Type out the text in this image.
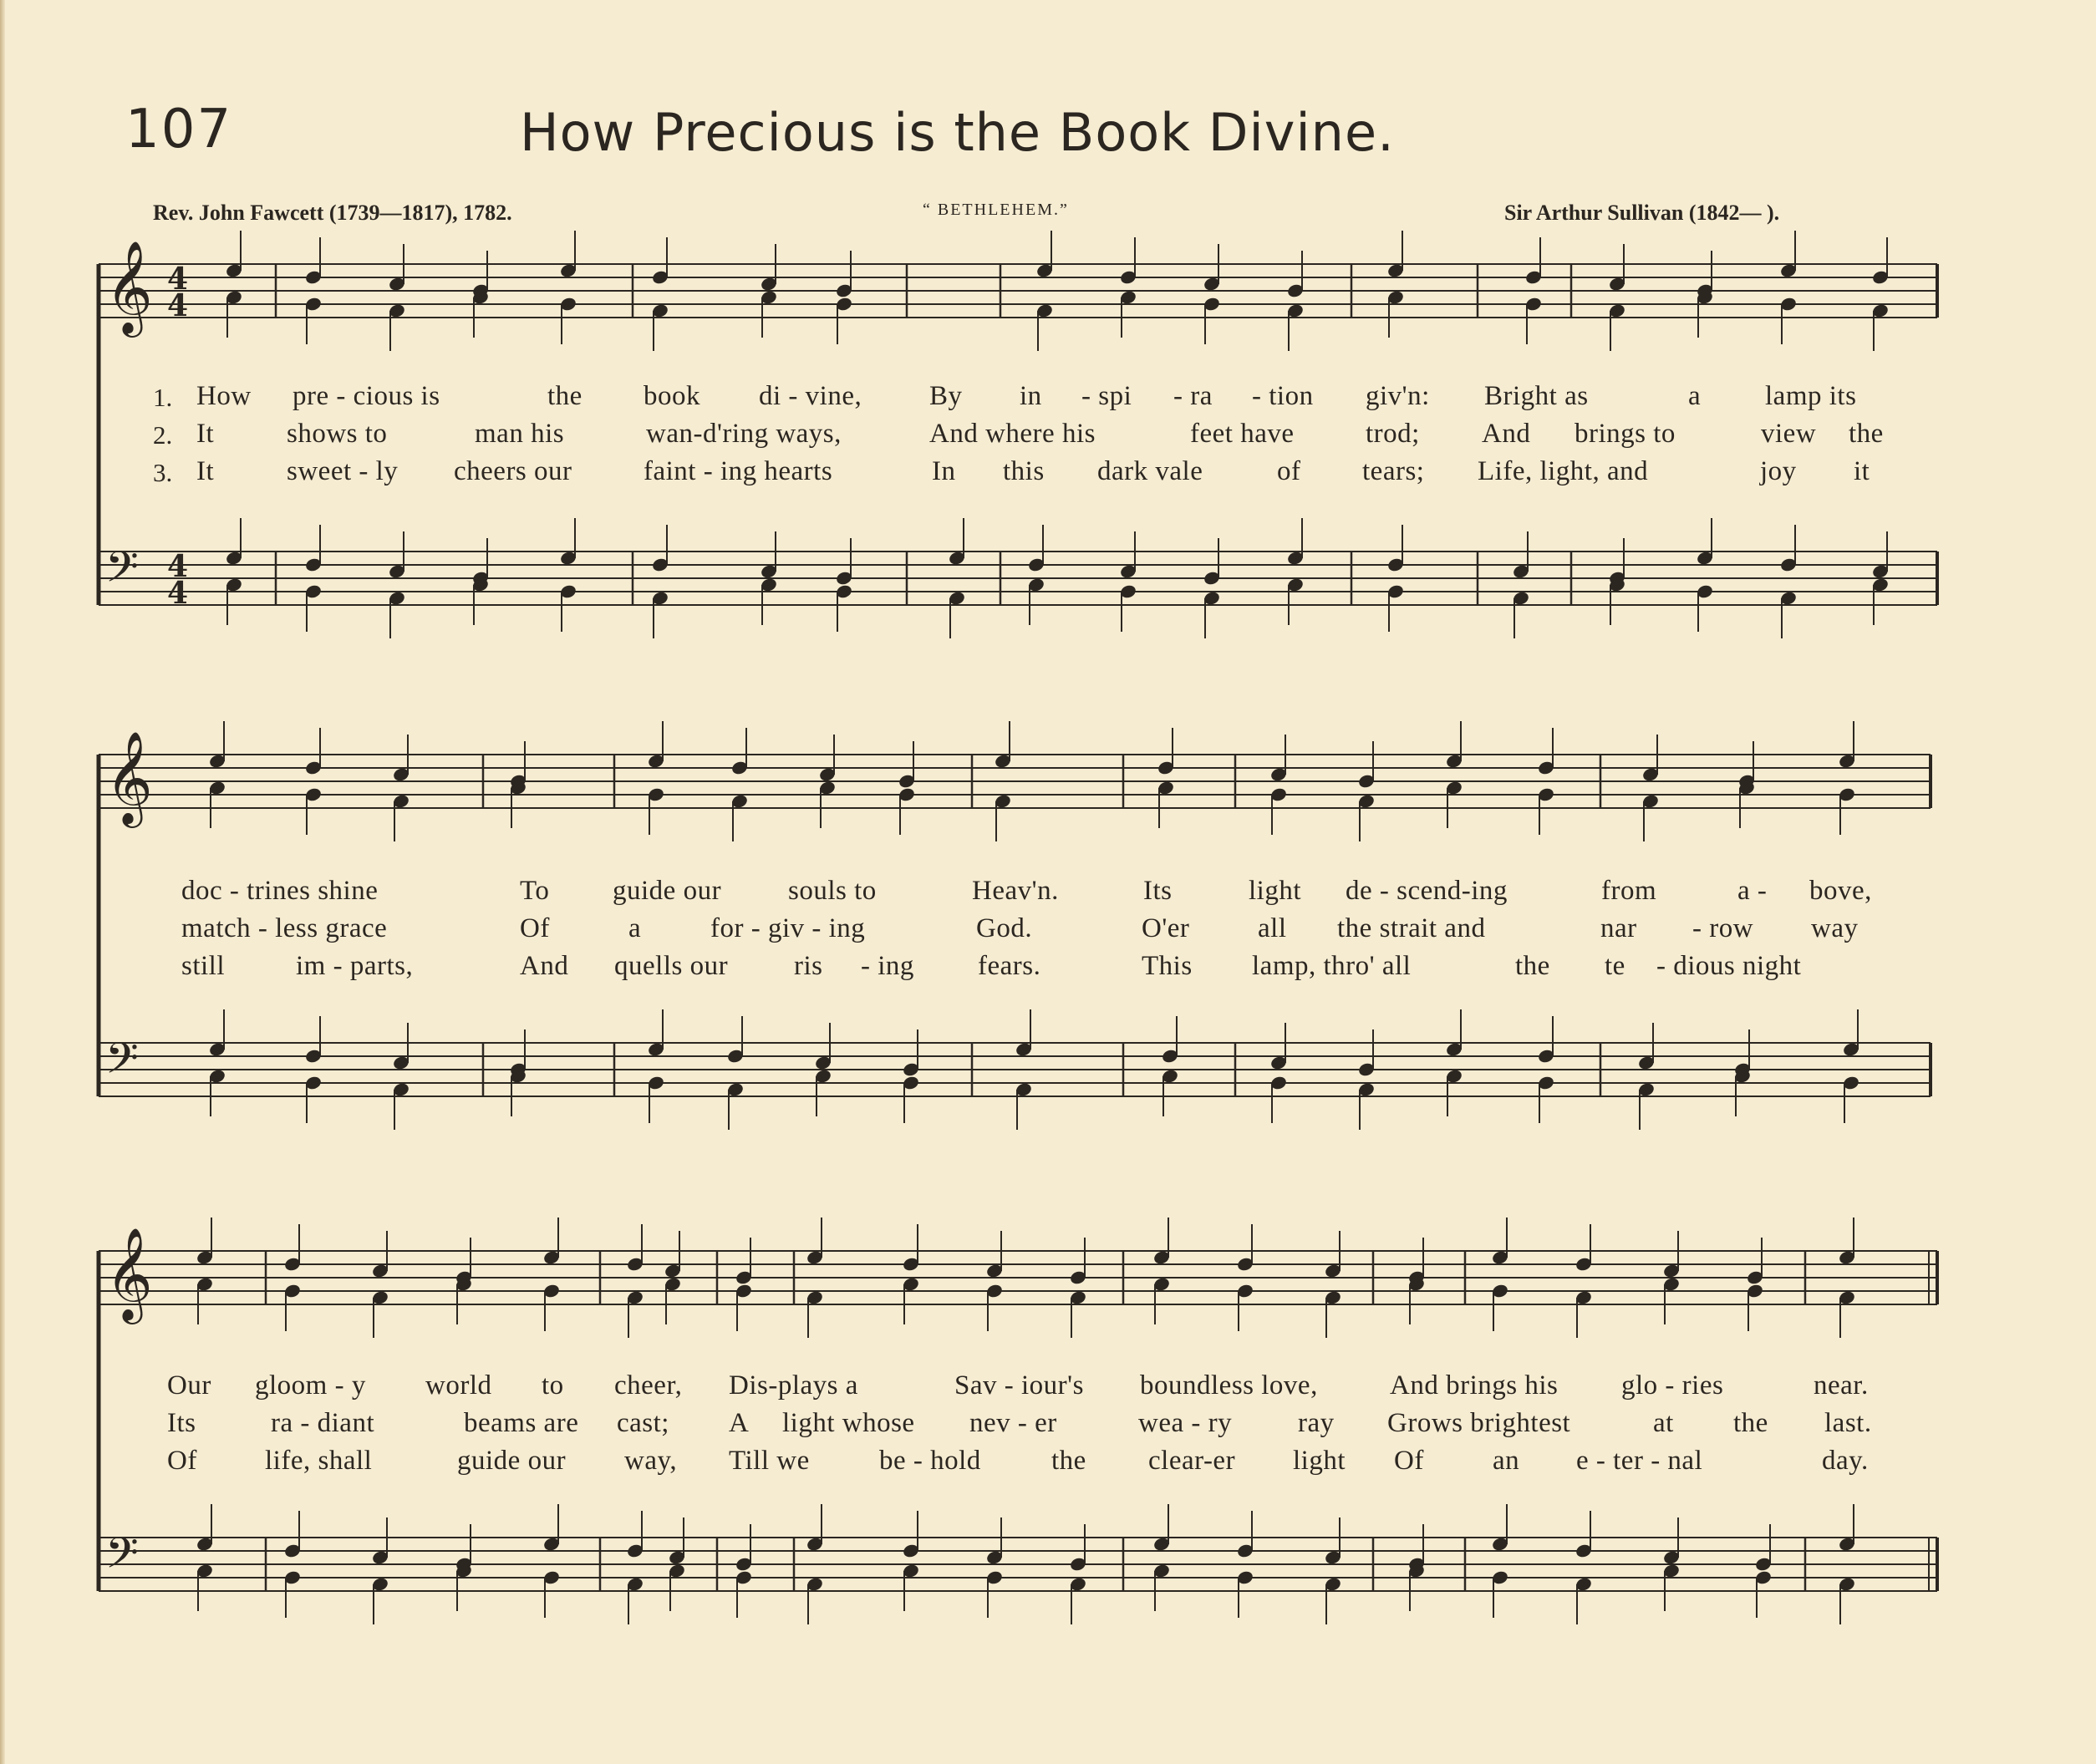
107	How Precious is the Book Divine.
Rev. John Fawcett (1739—1817), 1782.	“ BETHLEHEM.”	Sir Arthur Sullivan (1842— ).
𝄞
𝄢
𝄞
𝄢
𝄞
𝄢
4
4
4
4
1.
2.
3.
How pre - cious is	the book di - vine, By in - spi - ra - tion giv'n: Bright as	a lamp its
It	shows to	man his	wan-d'ring ways,	And where his	feet have	trod; And brings to	view the
It	sweet - ly cheers our	faint - ing hearts	In this dark vale	of tears; Life, light, and	joy it
doc - trines shine	To guide our souls to	Heav'n.	Its	light de - scend-ing	from	a - bove,
match - less grace	Of	a	for - giv - ing	God.	O'er all the strait and	nar - row way
still	im - parts,	And quells our ris - ing fears.	This lamp, thro' all	the te - dious night
Our gloom - y world to cheer, Dis-plays a	Sav - iour's boundless love,	And brings his glo - ries	near.
Its	ra - diant	beams are cast; A light whose nev - er	wea - ry ray Grows brightest	at the last.
Of life, shall	guide our way, Till we	be - hold	the clear-er light Of an e - ter - nal	day.
